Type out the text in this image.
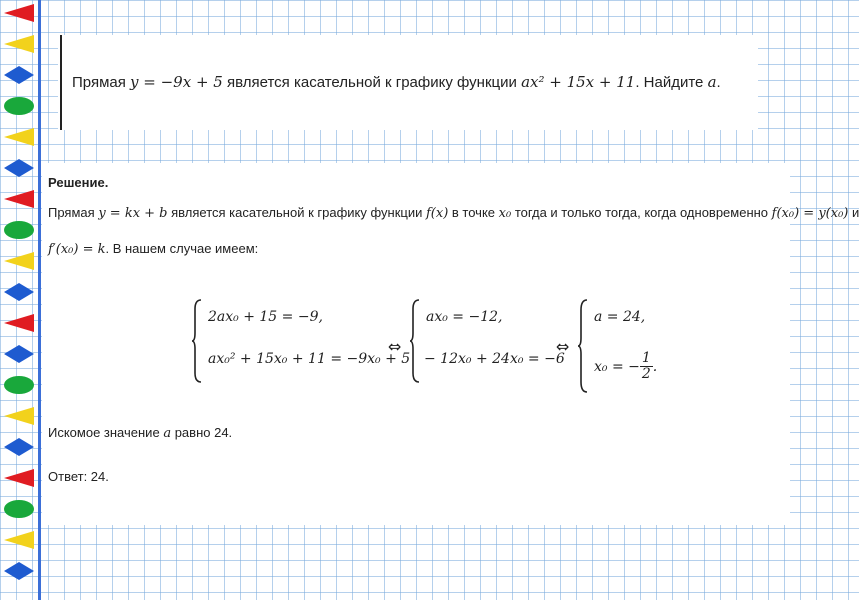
Прямая y = −9x + 5 является касательной к графику функции ax² + 15x + 11. Найдите a.
Решение.
Прямая y = kx + b является касательной к графику функции f(x) в точке x₀ тогда и только тогда, когда одновременно f(x₀) = y(x₀) и
f′(x₀) = k. В нашем случае имеем:
2ax₀ + 15 = −9,
ax₀² + 15x₀ + 11 = −9x₀ + 5
⇔
ax₀ = −12,
− 12x₀ + 24x₀ = −6
⇔
a = 24,
x₀ = − $\frac{1}{2}$ .
Искомое значение a равно 24.
Ответ: 24.
